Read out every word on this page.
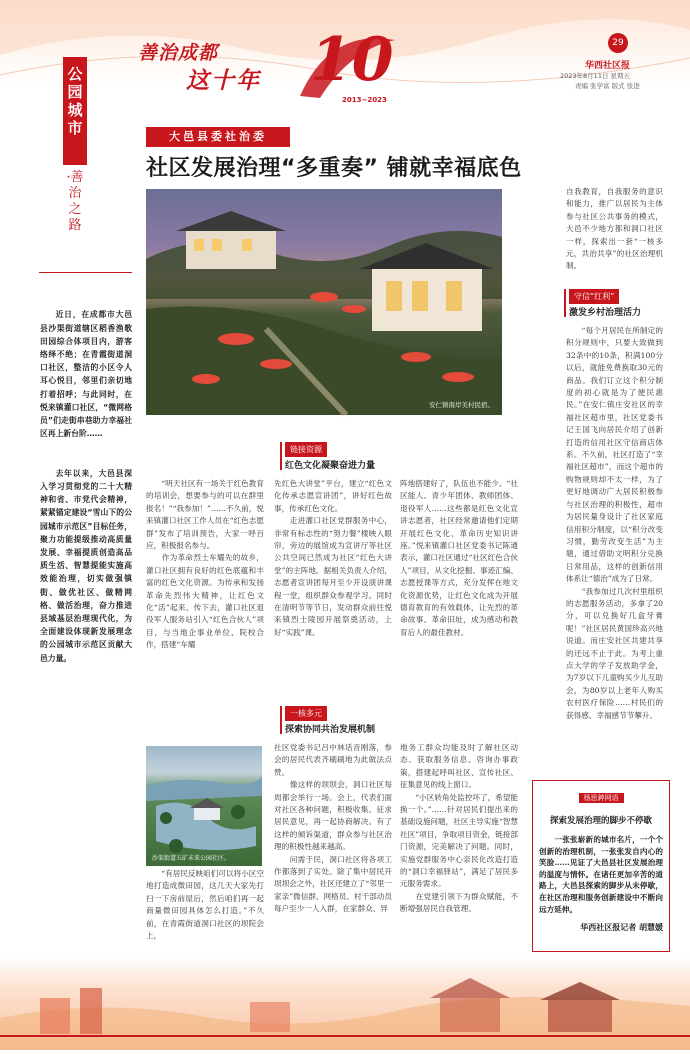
善治成都
这十年 10
2013~2023
29
华西社区报
2023年8月11日 星期五
责编 张学富 版式 张进
公园城市
·善治之路

近日，在成都市大邑县沙渠街道辖区稻香渔歌田园综合体项目内，游客络绎不绝；在青霞街道洞口社区，整洁的小区令人耳心悦目，邻里们亲切地打着招呼；与此同时，在悦来镇灌口社区，“微网格员”们走街串巷助力幸福社区再上新台阶……

去年以来，大邑县深入学习贯彻党的二十大精神和省、市党代会精神，紧紧锚定建设“雪山下的公园城市示范区”目标任务，聚力功能提级推动高质量发展、幸福提质创造高品质生活、智慧提能实施高效能治理，切实做强镇街、做优社区、做精网格、做活治理，奋力推进县域基层治理现代化，为全面建设体现新发展理念的公园城市示范区贡献大邑力量。

大邑县委社治委
社区发展治理“多重奏” 铺就幸福底色
安仁镇南岸美村民宿。
自我教育，自我服务的意识和能力，推广以居民为主体参与社区公共事务的模式，大邑不少地方都和洞口社区一样，探索出一套“一核多元，共治共享”的社区治理机制。
守信“红利”
激发乡村治理活力
　　“每个月居民在所制定的积分规则中，只要大致做到32条中的10条，积满100分以后，就能免费换取30元的商品。我们订立这个积分制度的初心就是为了便民惠民。”在安仁镇庄安社区的幸福社区超市里，社区党委书记王国飞向居民介绍了创新打造的信用社区守信商店体系。不久前，社区打造了“幸福社区超市”，而这个超市的购物规则却不太一样，为了更好地调动广大居民积极参与社区治理的积极性，超市为居民量身设计了社区家庭信用积分制度，以“积分改变习惯，勤劳改变生活”为主题，通过借助文明积分兑换日常用品，这样的创新信用体系让“德治”成为了日常。
　　“我参加过几次村里组织的志愿服务活动，多拿了20分，可以兑换好几盒牙膏呢！”社区居民黄国珍高兴地说道。而庄安社区共建共享的还远不止于此。为考上重点大学的学子发放助学金，为7岁以下儿童购买少儿互助会，为80岁以上老年人购买农村医疗保险……村民们的获得感、幸福感节节攀升。
链接资源
红色文化凝聚奋进力量
　　“明天社区有一场关于红色教育的培训会，想要参与的可以在群里报名！”“我参加！”……不久前，悦来镇灌口社区工作人员在“红色志愿群”发布了培训预告，大家一呼百应，积极报名参与。
　　作为革命烈士车耀先的故乡，灌口社区拥有良好的红色底蕴和丰富的红色文化资源。为传承和发扬革命先烈伟大精神，让红色文化“活”起来、传下去，灌口社区退役军人服务站引入“红色合伙人”项目，与当地企事业单位、院校合作，搭建“车耀
先红色大讲堂”平台，建立“红色文化传承志愿宣讲团”，讲好红色故事，传承红色文化。
　　走进灌口社区党群服务中心，非常有标志性的“努力餐”楼映入眼帘，旁边的展馆成为宣讲厅等社区公共空间已然成为社区“红色大讲堂”的主阵地。据相关负责人介绍，志愿者宣讲团每月至少开设演讲课程一堂，组织群众参观学习。同时在清明节等节日，发动群众前往悦来镇烈士陵园开展祭奠活动，上好“实践”课。
阵地搭建好了，队伍也不能少。“社区能人、青少年团体、教师团体、退役军人……这些都是红色文化宣讲志愿者，社区经常邀请他们定期开展红色文化、革命历史知识讲座。”悦来镇灌口社区党委书记陈通表示，灌口社区通过“社区红色合伙人”项目，从文化挖掘、事迹汇编、志愿授课等方式，充分发挥在地文化资源优势，让红色文化成为开展德育教育的有效载体，让先烈的革命故事、革命旧址，成为感动和教育后人的最佳教材。
一核多元
探索协同共治发展机制
沙渠街道五矿未来公园社区。
　　“有居民反映咱们可以将小区空地打造成微田园，这几天大家先打扫一下房前屋后，然后咱们再一起商量微田园具体怎么打造。”不久前，在青霞街道洞口社区的坝院会上，
社区党委书记吕中林话音刚落，参会的居民代表齐刷刷地为此做法点赞。
　　像这样的坝坝会，洞口社区每周都会举行一场。会上，代表们面对社区各种问题，积极收集、征求居民意见，再一起协商解决。有了这样的倾诉渠道，群众参与社区治理的积极性越来越高。
　　问需于民，洞口社区将各项工作都落到了实处。除了集中居民开坝坝会之外，社区还建立了“邻里一家亲”微信群、网格员、村干部动员每户至少一人入群，在家群众、异
地务工群众均能及时了解社区动态、获取服务信息、咨询办事政策，搭建起呼叫社区、宣传社区、征集意见的线上窗口。
　　“小区转角处监控坏了，希望能换一个。”……针对居民们提出来的基础设施问题，社区主导实施“智慧社区”项目，争取项目资金，链接部门资源，完美解决了问题。同时，实施党群服务中心亲民化改造打造的“洞口幸福驿站”，满足了居民多元服务需求。
　　在党建引领下为群众赋能，不断增强居民自我管理、
杨思鈡网语
探索发展治理的脚步不停歇
　　一张张崭新的城市名片，一个个创新的治理机制，一张张发自内心的笑脸……见证了大邑县社区发展治理的温度与情怀。在诸任更加辛苦的道路上，大邑县探索的脚步从未停歇，在社区治理和服务创新建设中不断向远方延伸。
华西社区报记者 胡慧媛
